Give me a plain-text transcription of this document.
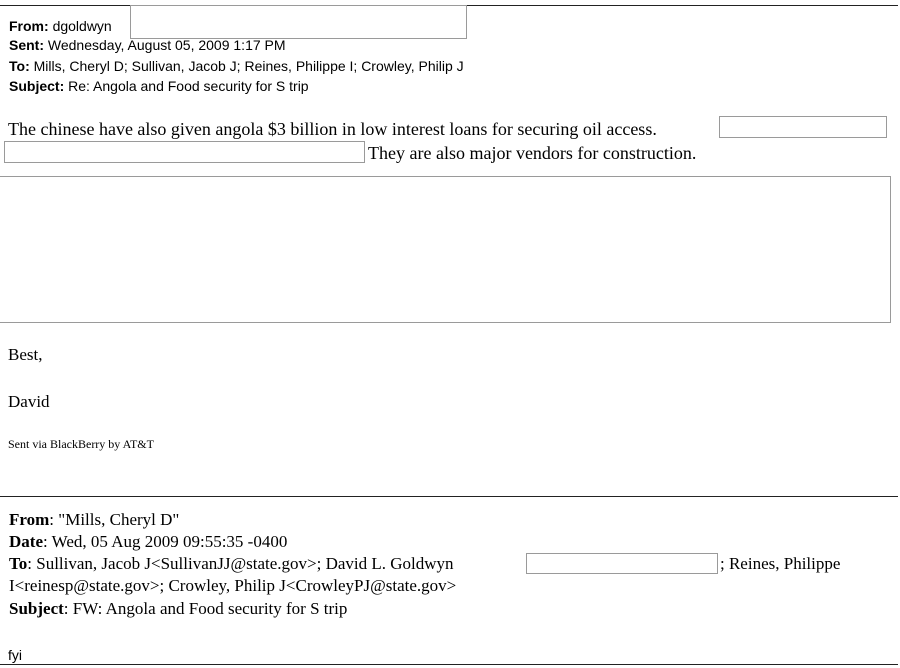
From: dgoldwyn
Sent: Wednesday, August 05, 2009 1:17 PM
To: Mills, Cheryl D; Sullivan, Jacob J; Reines, Philippe I; Crowley, Philip J
Subject: Re: Angola and Food security for S trip
The chinese have also given angola $3 billion in low interest loans for securing oil access.
They are also major vendors for construction.
Best,
David
Sent via BlackBerry by AT&T
From: "Mills, Cheryl D"
Date: Wed, 05 Aug 2009 09:55:35 -0400
To: Sullivan, Jacob J<SullivanJJ@state.gov>; David L. Goldwyn	; Reines, Philippe
I<reinesp@state.gov>; Crowley, Philip J<CrowleyPJ@state.gov>
Subject: FW: Angola and Food security for S trip
fyi
